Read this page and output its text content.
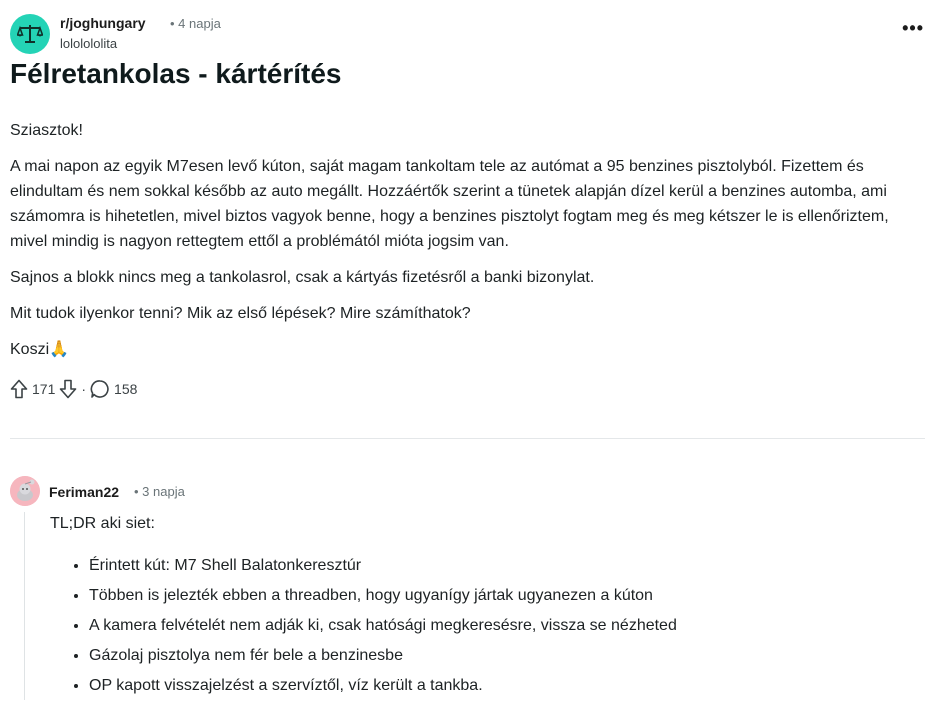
r/joghungary • 4 napja
lololololita
•••
Félretankolas - kártérítés

Sziasztok!

A mai napon az egyik M7esen levő kúton, saját magam tankoltam tele az autómat a 95 benzines pisztolyból. Fizettem és elindultam és nem sokkal később az auto megállt. Hozzáértők szerint a tünetek alapján dízel kerül a benzines automba, ami számomra is hihetetlen, mivel biztos vagyok benne, hogy a benzines pisztolyt fogtam meg és meg kétszer le is ellenőriztem, mivel mindig is nagyon rettegtem ettől a problémától mióta jogsim van.

Sajnos a blokk nincs meg a tankolasrol, csak a kártyás fizetésről a banki bizonylat.

Mit tudok ilyenkor tenni? Mik az első lépések? Mire számíthatok?

Koszi🙏

171 · 158
Feriman22 • 3 napja

TL;DR aki siet:

• Érintett kút: M7 Shell Balatonkeresztúr
• Többen is jelezték ebben a threadben, hogy ugyanígy jártak ugyanezen a kúton
• A kamera felvételét nem adják ki, csak hatósági megkeresésre, vissza se nézheted
• Gázolaj pisztolya nem fér bele a benzinesbe
• OP kapott visszajelzést a szervíztől, víz került a tankba.
